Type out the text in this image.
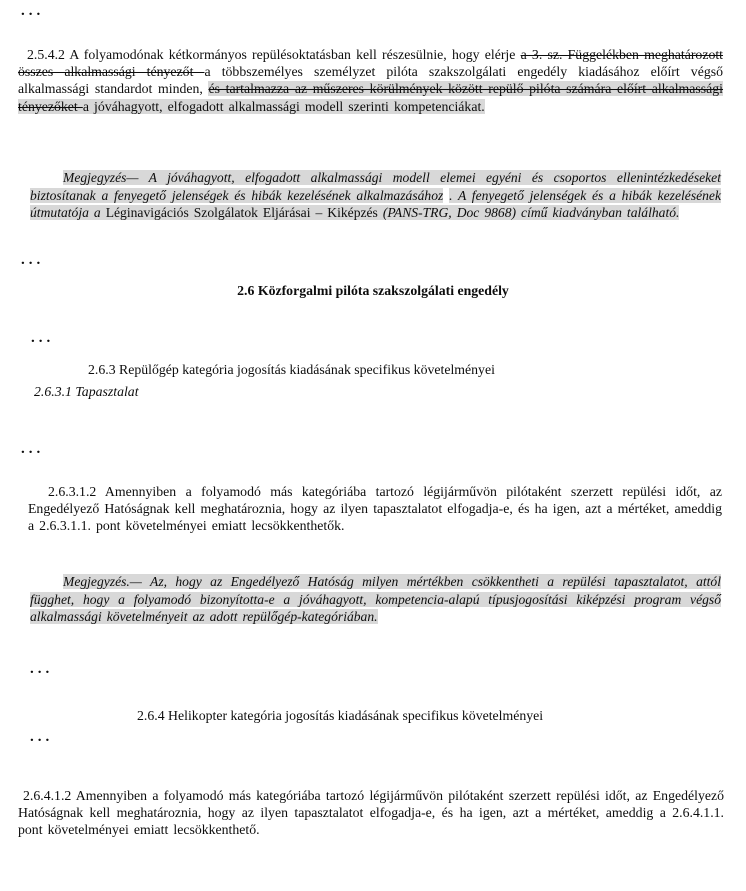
...

2.5.4.2 A folyamodónak kétkormányos repülésoktatásban kell részesülnie, hogy elérje a 3. sz. Függelékben meghatározott összes alkalmassági tényezőt a többszemélyes személyzet pilóta szakszolgálati engedély kiadásához előírt végső alkalmassági standardot minden, és tartalmazza az műszeres körülmények között repülő pilóta számára előírt alkalmassági tényezőket a jóváhagyott, elfogadott alkalmassági modell szerinti kompetenciákat.

Megjegyzés— A jóváhagyott, elfogadott alkalmassági modell elemei egyéni és csoportos ellenintézkedéseket biztosítanak a fenyegető jelenségek és hibák kezelésének alkalmazásához . A fenyegető jelenségek és a hibák kezelésének útmutatója a Léginavigációs Szolgálatok Eljárásai – Kiképzés (PANS-TRG, Doc 9868) című kiadványban található.

...
2.6 Közforgalmi pilóta szakszolgálati engedély
...

2.6.3 Repülőgép kategória jogosítás kiadásának specifikus követelményei

2.6.3.1 Tapasztalat

...

2.6.3.1.2 Amennyiben a folyamodó más kategóriába tartozó légijárművön pilótaként szerzett repülési időt, az Engedélyező Hatóságnak kell meghatároznia, hogy az ilyen tapasztalatot elfogadja-e, és ha igen, azt a mértéket, ameddig a 2.6.3.1.1. pont követelményei emiatt lecsökkenthetők.

Megjegyzés.— Az, hogy az Engedélyező Hatóság milyen mértékben csökkentheti a repülési tapasztalatot, attól függhet, hogy a folyamodó bizonyította-e a jóváhagyott, kompetencia-alapú típusjogosítási kiképzési program végső alkalmassági követelményeit az adott repülőgép-kategóriában.

...

2.6.4 Helikopter kategória jogosítás kiadásának specifikus követelményei

...

2.6.4.1.2 Amennyiben a folyamodó más kategóriába tartozó légijárművön pilótaként szerzett repülési időt, az Engedélyező Hatóságnak kell meghatároznia, hogy az ilyen tapasztalatot elfogadja-e, és ha igen, azt a mértéket, ameddig a 2.6.4.1.1. pont követelményei emiatt lecsökkenthető.
